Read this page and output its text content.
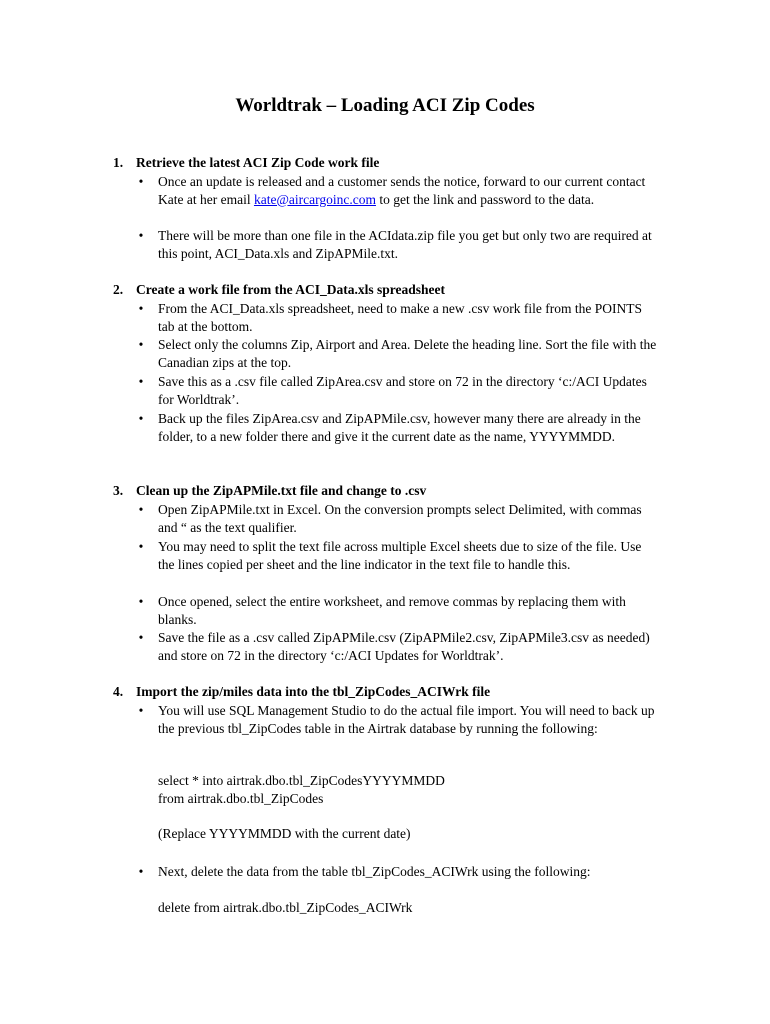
Worldtrak – Loading ACI Zip Codes
1. Retrieve the latest ACI Zip Code work file
• Once an update is released and a customer sends the notice, forward to our current contact Kate at her email kate@aircargoinc.com to get the link and password to the data.
• There will be more than one file in the ACIdata.zip file you get but only two are required at this point, ACI_Data.xls and ZipAPMile.txt.
2. Create a work file from the ACI_Data.xls spreadsheet
• From the ACI_Data.xls spreadsheet, need to make a new .csv work file from the POINTS tab at the bottom.
• Select only the columns Zip, Airport and Area. Delete the heading line. Sort the file with the Canadian zips at the top.
• Save this as a .csv file called ZipArea.csv and store on 72 in the directory ‘c:/ACI Updates for Worldtrak’.
• Back up the files ZipArea.csv and ZipAPMile.csv, however many there are already in the folder, to a new folder there and give it the current date as the name, YYYYMMDD.
3. Clean up the ZipAPMile.txt file and change to .csv
• Open ZipAPMile.txt in Excel. On the conversion prompts select Delimited, with commas and “ as the text qualifier.
• You may need to split the text file across multiple Excel sheets due to size of the file. Use the lines copied per sheet and the line indicator in the text file to handle this.
• Once opened, select the entire worksheet, and remove commas by replacing them with blanks.
• Save the file as a .csv called ZipAPMile.csv (ZipAPMile2.csv, ZipAPMile3.csv as needed) and store on 72 in the directory ‘c:/ACI Updates for Worldtrak’.
4. Import the zip/miles data into the tbl_ZipCodes_ACIWrk file
• You will use SQL Management Studio to do the actual file import. You will need to back up the previous tbl_ZipCodes table in the Airtrak database by running the following:
select * into airtrak.dbo.tbl_ZipCodesYYYYMMDD
from airtrak.dbo.tbl_ZipCodes
(Replace YYYYMMDD with the current date)
• Next, delete the data from the table tbl_ZipCodes_ACIWrk using the following:
delete from airtrak.dbo.tbl_ZipCodes_ACIWrk
